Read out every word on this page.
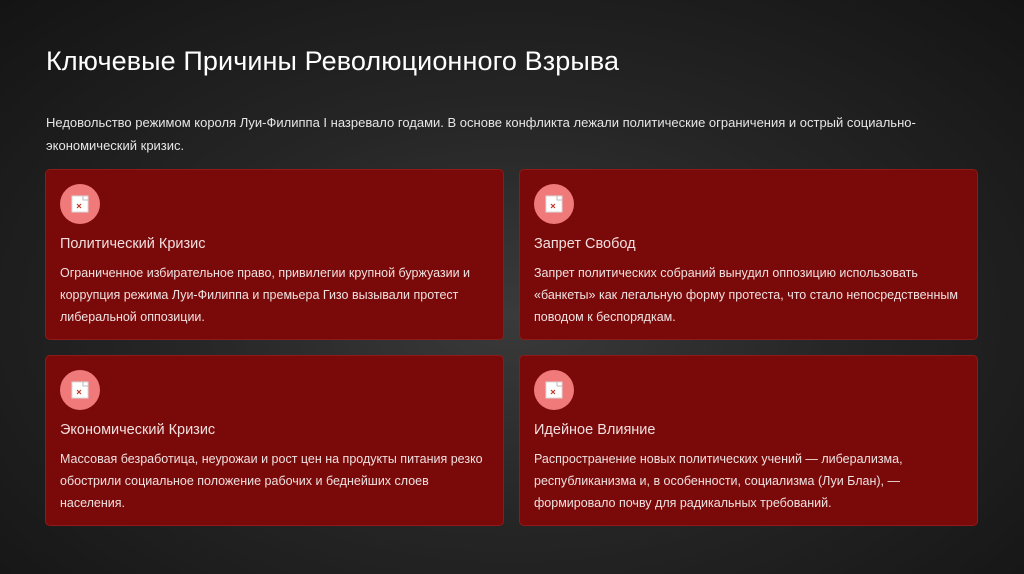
Ключевые Причины Революционного Взрыва
Недовольство режимом короля Луи-Филиппа I назревало годами. В основе конфликта лежали политические ограничения и острый социально-экономический кризис.
Политический Кризис
Ограниченное избирательное право, привилегии крупной буржуазии и коррупция режима Луи-Филиппа и премьера Гизо вызывали протест либеральной оппозиции.
Запрет Свобод
Запрет политических собраний вынудил оппозицию использовать «банкеты» как легальную форму протеста, что стало непосредственным поводом к беспорядкам.
Экономический Кризис
Массовая безработица, неурожаи и рост цен на продукты питания резко обострили социальное положение рабочих и беднейших слоев населения.
Идейное Влияние
Распространение новых политических учений — либерализма, республиканизма и, в особенности, социализма (Луи Блан), — формировало почву для радикальных требований.
